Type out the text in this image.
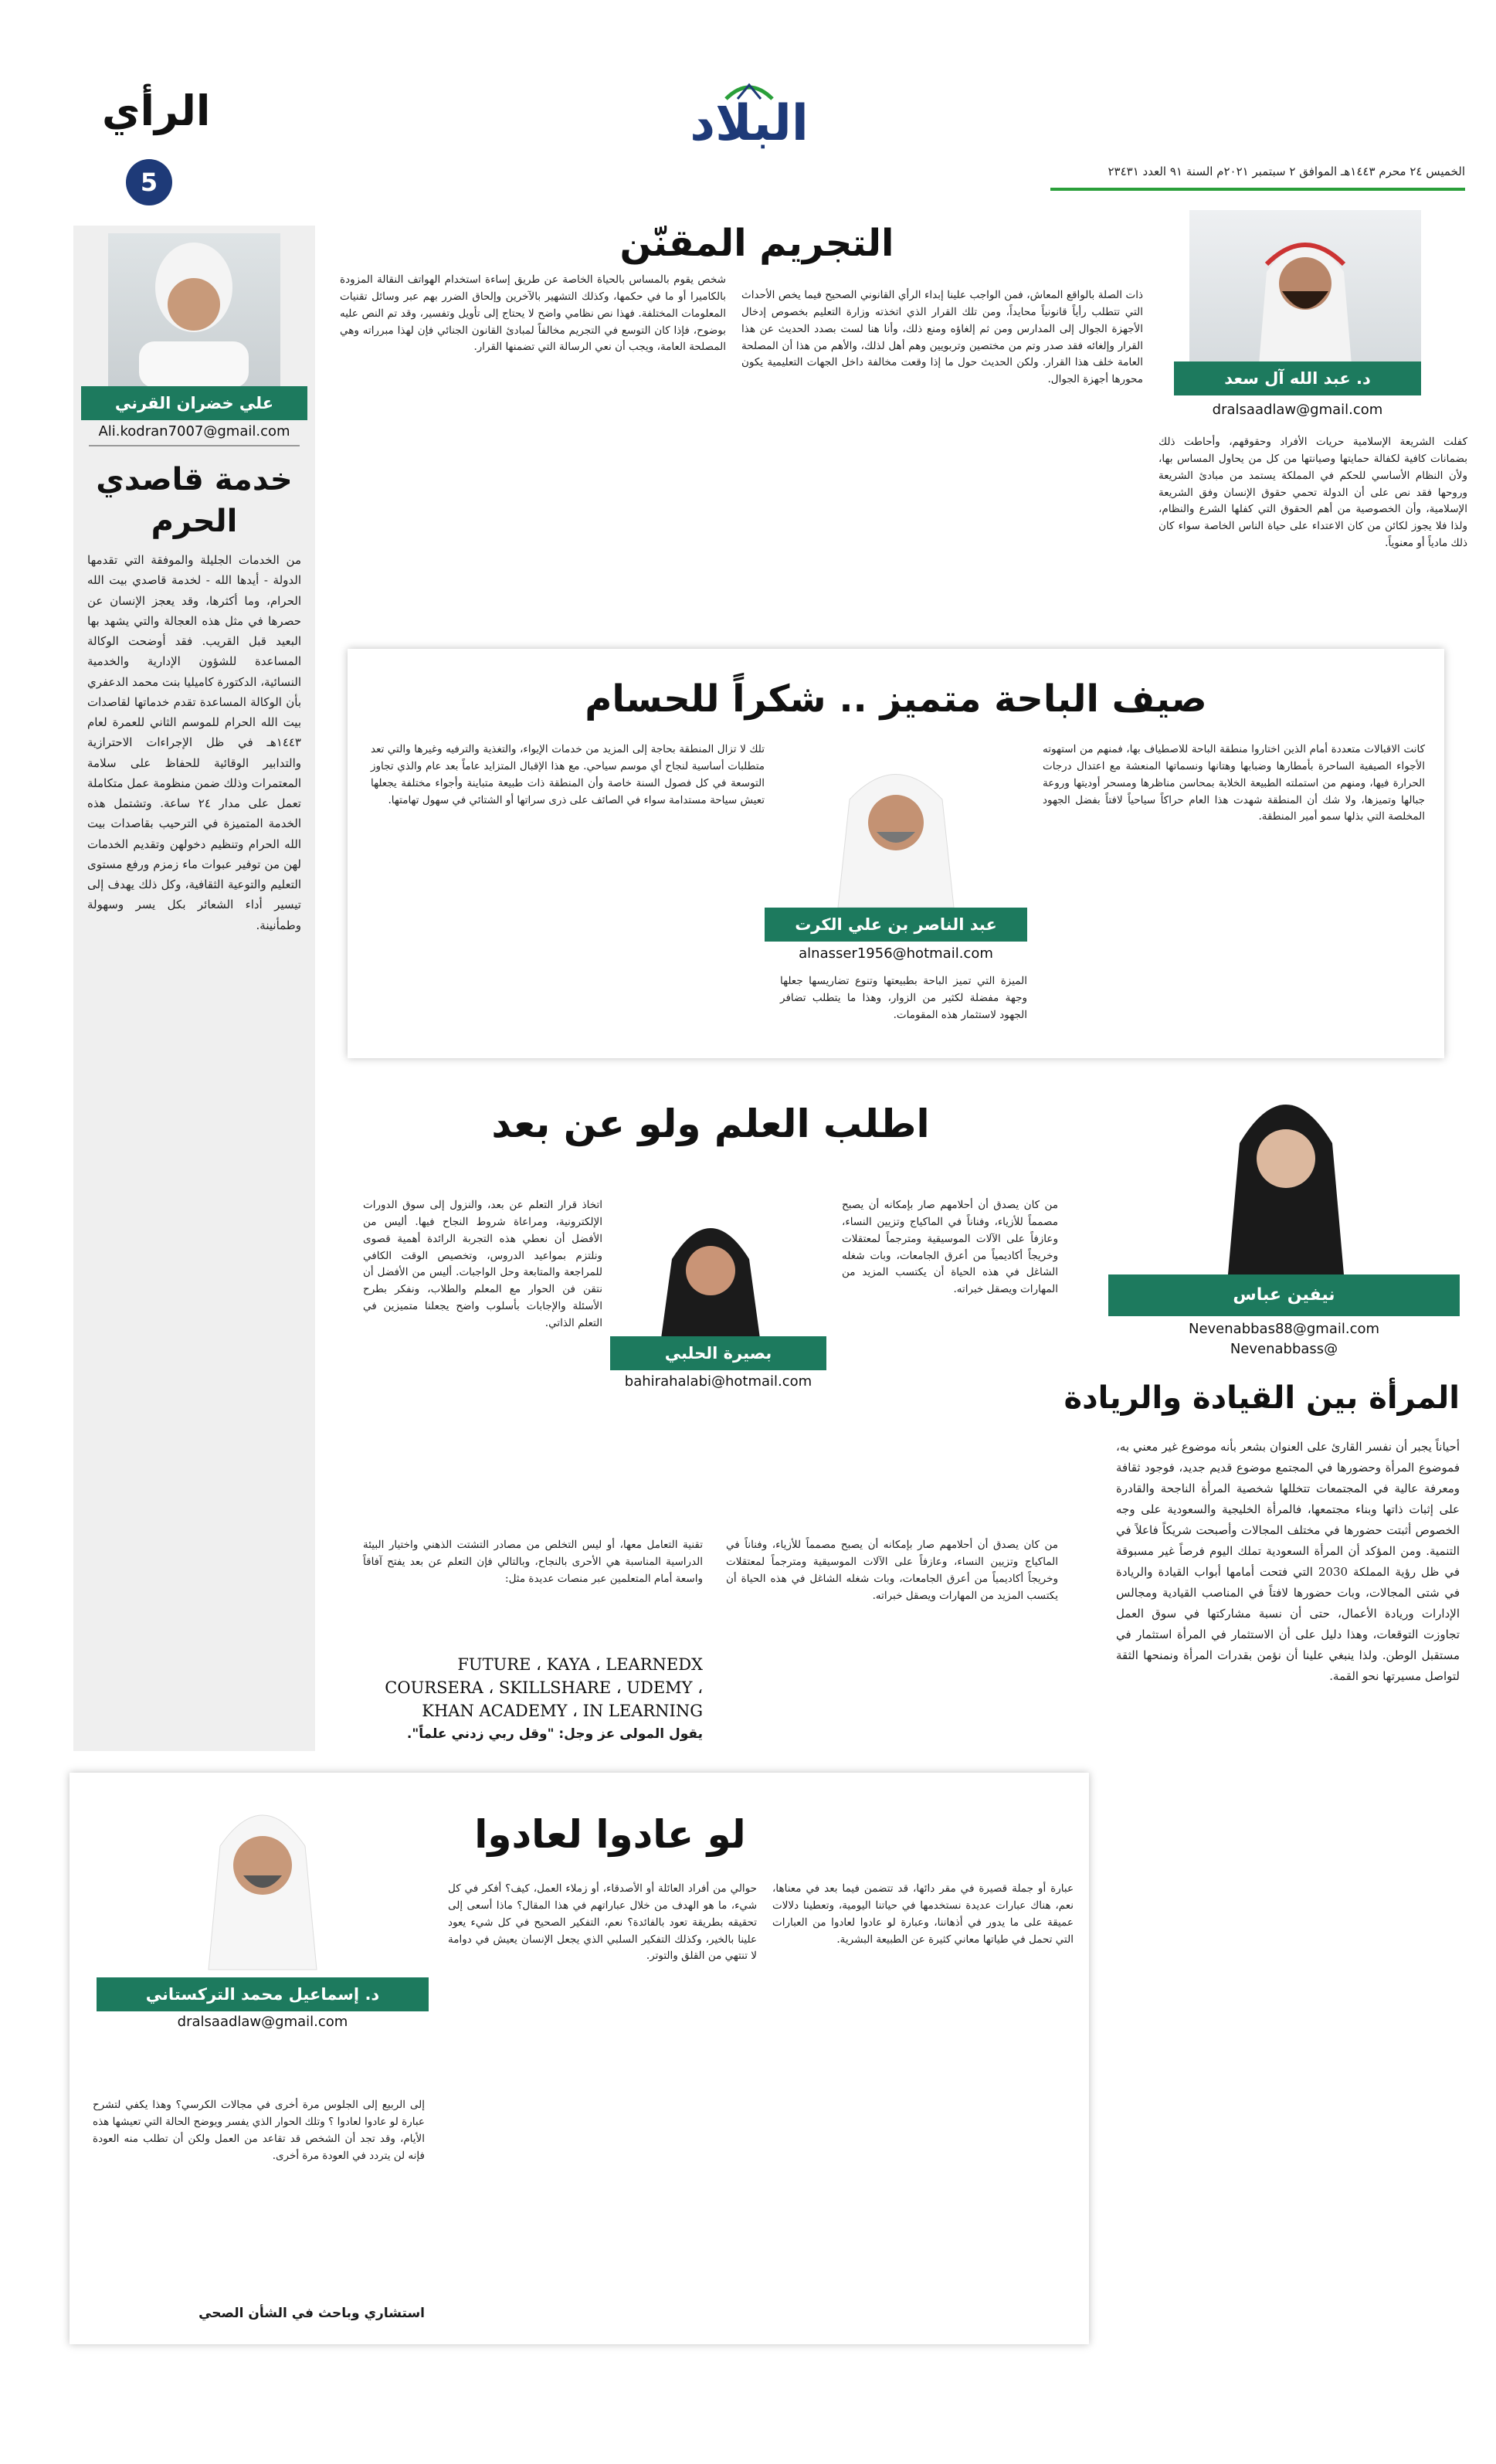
الرأي
5
البلاد
الخميس ٢٤ محرم ١٤٤٣هـ الموافق ٢ سبتمبر ٢٠٢١م السنة ٩١ العدد ٢٣٤٣١
علي خضران القرني
Ali.kodran7007@gmail.com
خدمة قاصدي الحرم
من الخدمات الجليلة والموفقة التي تقدمها الدولة - أيدها الله - لخدمة قاصدي بيت الله الحرام، وما أكثرها، وقد يعجز الإنسان عن حصرها في مثل هذه العجالة والتي يشهد بها البعيد قبل القريب. فقد أوضحت الوكالة المساعدة للشؤون الإدارية والخدمية النسائية، الدكتورة كاميليا بنت محمد الدعفري بأن الوكالة المساعدة تقدم خدماتها لقاصدات بيت الله الحرام للموسم الثاني للعمرة لعام ١٤٤٣هـ في ظل الإجراءات الاحترازية والتدابير الوقائية للحفاظ على سلامة المعتمرات وذلك ضمن منظومة عمل متكاملة تعمل على مدار ٢٤ ساعة. وتشتمل هذه الخدمة المتميزة في الترحيب بقاصدات بيت الله الحرام وتنظيم دخولهن وتقديم الخدمات لهن من توفير عبوات ماء زمزم ورفع مستوى التعليم والتوعية الثقافية، وكل ذلك يهدف إلى تيسير أداء الشعائر بكل يسر وسهولة وطمأنينة.
التجريم المقنّن
د. عبد الله آل سعد
dralsaadlaw@gmail.com
ذات الصلة بالواقع المعاش، فمن الواجب علينا إبداء الرأي القانوني الصحيح فيما يخص الأحداث التي تتطلب رأياً قانونياً محايداً، ومن تلك القرار الذي اتخذته وزارة التعليم بخصوص إدخال الأجهزة الجوال إلى المدارس ومن ثم إلغاؤه ومنع ذلك، وأنا هنا لست بصدد الحديث عن هذا القرار وإلغائه فقد صدر وتم من مختصين وتربويين وهم أهل لذلك، والأهم من هذا أن المصلحة العامة خلف هذا القرار. ولكن الحديث حول ما إذا وقعت مخالفة داخل الجهات التعليمية يكون محورها أجهزة الجوال.
شخص يقوم بالمساس بالحياة الخاصة عن طريق إساءة استخدام الهواتف النقالة المزودة بالكاميرا أو ما في حكمها، وكذلك التشهير بالآخرين وإلحاق الضرر بهم عبر وسائل تقنيات المعلومات المختلفة. فهذا نص نظامي واضح لا يحتاج إلى تأويل وتفسير، وقد تم النص عليه بوضوح، فإذا كان التوسع في التجريم مخالفاً لمبادئ القانون الجنائي فإن لهذا مبرراته وهي المصلحة العامة، ويجب أن نعي الرسالة التي تضمنها القرار.
كفلت الشريعة الإسلامية حريات الأفراد وحقوقهم، وأحاطت ذلك بضمانات كافية لكفالة حمايتها وصيانتها من كل من يحاول المساس بها، ولأن النظام الأساسي للحكم في المملكة يستمد من مبادئ الشريعة وروحها فقد نص على أن الدولة تحمي حقوق الإنسان وفق الشريعة الإسلامية، وأن الخصوصية من أهم الحقوق التي كفلها الشرع والنظام، ولذا فلا يجوز لكائن من كان الاعتداء على حياة الناس الخاصة سواء كان ذلك مادياً أو معنوياً.
صيف الباحة متميز .. شكراً للحسام
عبد الناصر بن علي الكرت
alnasser1956@hotmail.com
تلك لا تزال المنطقة بحاجة إلى المزيد من خدمات الإيواء، والتغذية والترفيه وغيرها والتي تعد متطلبات أساسية لنجاح أي موسم سياحي. مع هذا الإقبال المتزايد عاماً بعد عام والذي تجاوز التوسعة في كل فصول السنة خاصة وأن المنطقة ذات طبيعة متباينة وأجواء مختلفة يجعلها تعيش سياحة مستدامة سواء في الصائف على ذرى سراتها أو الشتائي في سهول تهامتها.
كانت الاقبالات متعددة أمام الذين اختاروا منطقة الباحة للاصطياف بها، فمنهم من استهوته الأجواء الصيفية الساحرة بأمطارها وضبابها وهتانها ونسماتها المنعشة مع اعتدال درجات الحرارة فيها، ومنهم من استملته الطبيعة الخلابة بمحاسن مناظرها ومسحر أوديتها وروعة جبالها وتميزها، ولا شك أن المنطقة شهدت هذا العام حراكاً سياحياً لافتاً بفضل الجهود المخلصة التي بذلها سمو أمير المنطقة.
الميزة التي تميز الباحة بطبيعتها وتنوع تضاريسها جعلها وجهة مفضلة لكثير من الزوار، وهذا ما يتطلب تضافر الجهود لاستثمار هذه المقومات.
اطلب العلم ولو عن بعد
بصيرة الحلبي
bahirahalabi@hotmail.com
اتخاذ قرار التعلم عن بعد، والنزول إلى سوق الدورات الإلكترونية، ومراعاة شروط النجاح فيها. أليس من الأفضل أن نعطي هذه التجربة الرائدة أهمية قصوى ونلتزم بمواعيد الدروس، وتخصيص الوقت الكافي للمراجعة والمتابعة وحل الواجبات. أليس من الأفضل أن نتقن فن الحوار مع المعلم والطلاب، ونفكر بطرح الأسئلة والإجابات بأسلوب واضح يجعلنا متميزين في التعلم الذاتي.
من كان يصدق أن أحلامهم صار بإمكانه أن يصبح مصمماً للأزياء، وفناناً في الماكياج وتزيين النساء، وعازفاً على الآلات الموسيقية ومترجماً لمعتقلات وخريجاً أكاديمياً من أعرق الجامعات، وبات شغله الشاغل في هذه الحياة أن يكتسب المزيد من المهارات ويصقل خبراته.
تقنية التعامل معها، أو ليس التخلص من مصادر التشتت الذهني واختيار البيئة الدراسية المناسبة هي الأحرى بالنجاح، وبالتالي فإن التعلم عن بعد يفتح آفاقاً واسعة أمام المتعلمين عبر منصات عديدة مثل:
FUTURE ، KAYA ، LEARNEDX COURSERA ، SKILLSHARE ، UDEMY ، KHAN ACADEMY ، IN LEARNING
يقول المولى عز وجل: "وقل ربي زدني علماً".
من كان يصدق أن أحلامهم صار بإمكانه أن يصبح مصمماً للأزياء، وفناناً في الماكياج وتزيين النساء، وعازفاً على الآلات الموسيقية ومترجماً لمعتقلات وخريجاً أكاديمياً من أعرق الجامعات، وبات شغله الشاغل في هذه الحياة أن يكتسب المزيد من المهارات ويصقل خبراته.
نيفين عباس
Nevenabbas88@gmail.com
@Nevenabbass
المرأة بين القيادة والريادة
أحياناً يجبر أن نفسر القارئ على العنوان بشعر بأنه موضوع غير معني به، فموضوع المرأة وحضورها في المجتمع موضوع قديم جديد، فوجود ثقافة ومعرفة عالية في المجتمعات تتخللها شخصية المرأة الناجحة والقادرة على إثبات ذاتها وبناء مجتمعها، فالمرأة الخليجية والسعودية على وجه الخصوص أثبتت حضورها في مختلف المجالات وأصبحت شريكاً فاعلاً في التنمية. ومن المؤكد أن المرأة السعودية تملك اليوم فرصاً غير مسبوقة في ظل رؤية المملكة 2030 التي فتحت أمامها أبواب القيادة والريادة في شتى المجالات، وبات حضورها لافتاً في المناصب القيادية ومجالس الإدارات وريادة الأعمال، حتى أن نسبة مشاركتها في سوق العمل تجاوزت التوقعات، وهذا دليل على أن الاستثمار في المرأة استثمار في مستقبل الوطن. ولذا ينبغي علينا أن نؤمن بقدرات المرأة ونمنحها الثقة لتواصل مسيرتها نحو القمة.
لو عادوا لعادوا
د. إسماعيل محمد التركستاني
dralsaadlaw@gmail.com
إلى الربيع إلى الجلوس مرة أخرى في مجالات الكرسي؟ وهذا يكفي لتشرح عبارة لو عادوا لعادوا ؟ وتلك الحوار الذي يفسر ويوضح الحالة التي تعيشها هذه الأيام، وقد تجد أن الشخص قد تقاعد من العمل ولكن أن تطلب منه العودة فإنه لن يتردد في العودة مرة أخرى.
حوالي من أفراد العائلة أو الأصدقاء، أو زملاء العمل، كيف؟ أفكر في كل شيء، ما هو الهدف من خلال عباراتهم في هذا المقال؟ ماذا أسعى إلى تحقيقه بطريقة تعود بالفائدة؟ نعم، التفكير الصحيح في كل شيء يعود علينا بالخير، وكذلك التفكير السلبي الذي يجعل الإنسان يعيش في دوامة لا تنتهي من القلق والتوتر.
عبارة أو جملة قصيرة في مقر دائها، قد تتضمن فيما بعد في معناها، نعم، هناك عبارات عديدة نستخدمها في حياتنا اليومية، وتعطينا دلالات عميقة على ما يدور في أذهاننا، وعبارة لو عادوا لعادوا من العبارات التي تحمل في طياتها معاني كثيرة عن الطبيعة البشرية.
استشاري وباحث في الشأن الصحي
